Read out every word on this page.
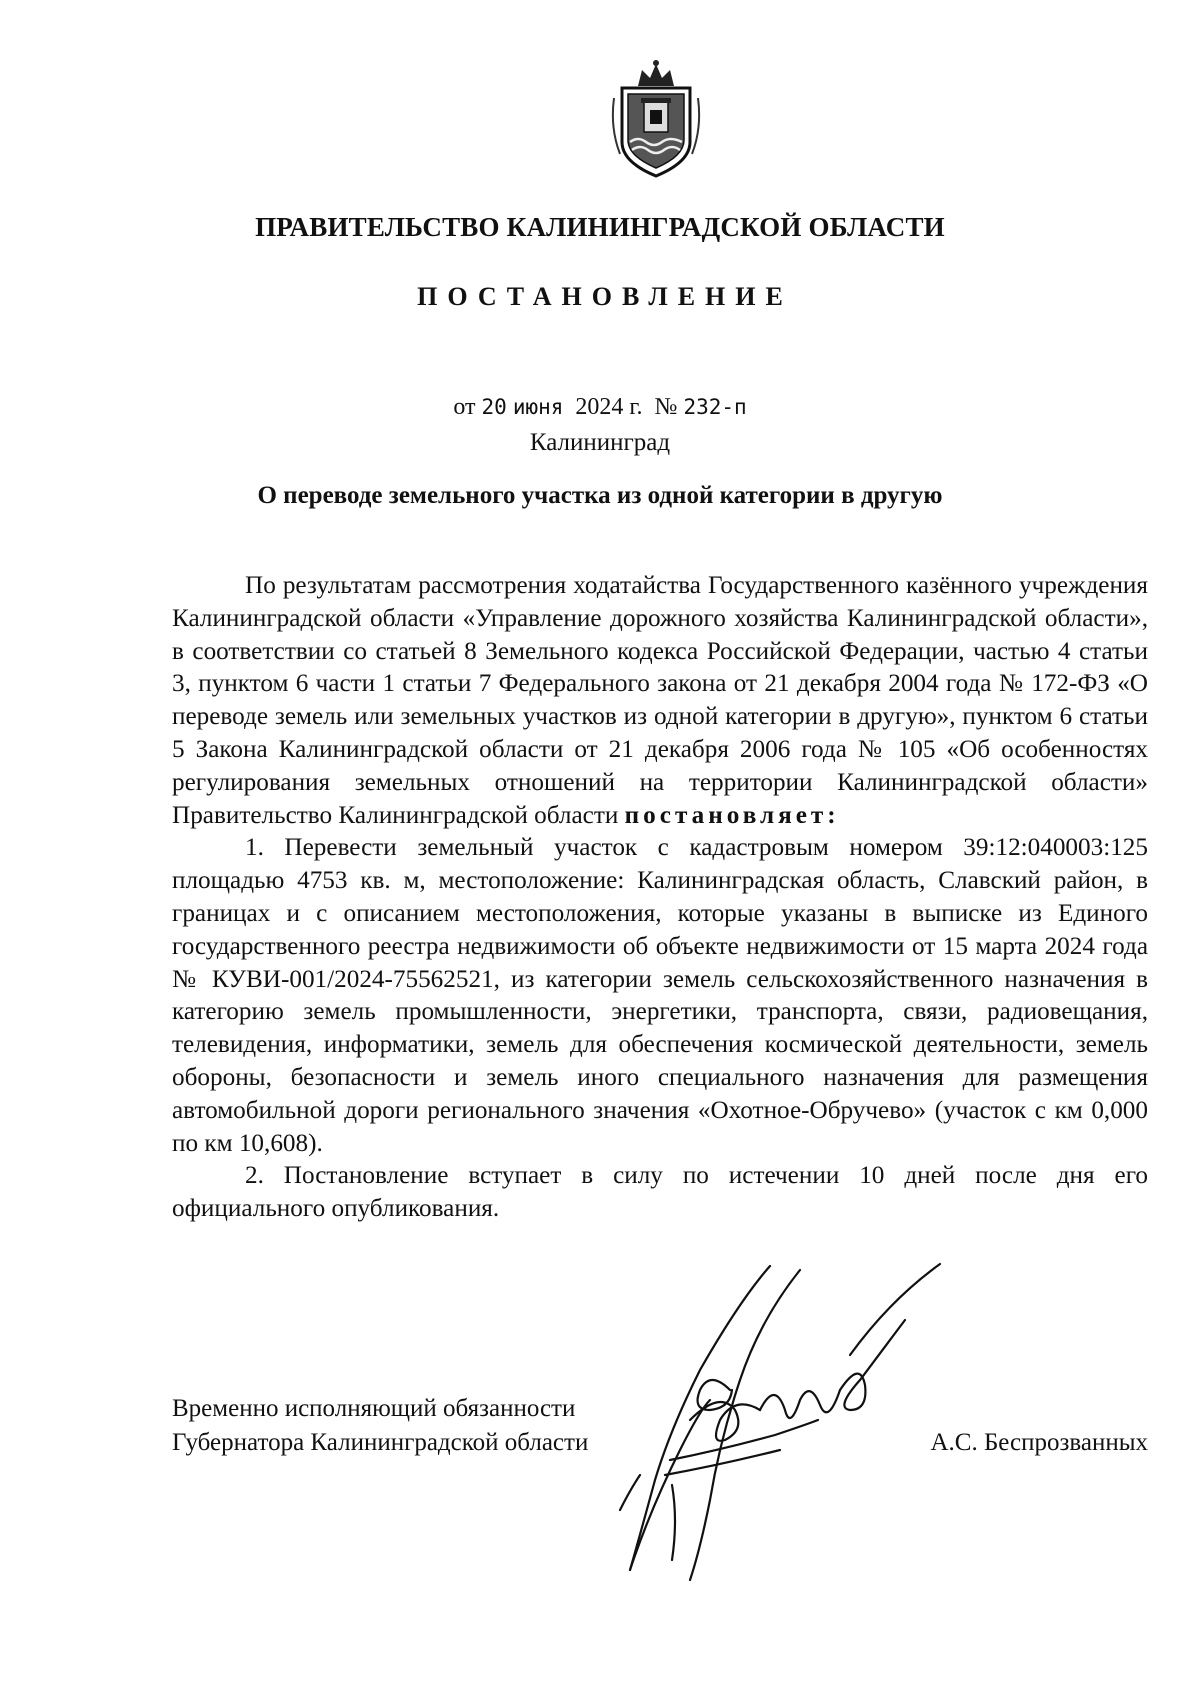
ПРАВИТЕЛЬСТВО КАЛИНИНГРАДСКОЙ ОБЛАСТИ
ПОСТАНОВЛЕНИЕ
от 20 июня 2024 г. № 232-п
Калининград
О переводе земельного участка из одной категории в другую

По результатам рассмотрения ходатайства Государственного казённого учреждения Калининградской области «Управление дорожного хозяйства Калининградской области», в соответствии со статьей 8 Земельного кодекса Российской Федерации, частью 4 статьи 3, пунктом 6 части 1 статьи 7 Федерального закона от 21 декабря 2004 года № 172-ФЗ «О переводе земель или земельных участков из одной категории в другую», пунктом 6 статьи 5 Закона Калининградской области от 21 декабря 2006 года № 105 «Об особенностях регулирования земельных отношений на территории Калининградской области» Правительство Калининградской области постановляет:

1. Перевести земельный участок с кадастровым номером 39:12:040003:125 площадью 4753 кв. м, местоположение: Калининградская область, Славский район, в границах и с описанием местоположения, которые указаны в выписке из Единого государственного реестра недвижимости об объекте недвижимости от 15 марта 2024 года № КУВИ-001/2024-75562521, из категории земель сельскохозяйственного назначения в категорию земель промышленности, энергетики, транспорта, связи, радиовещания, телевидения, информатики, земель для обеспечения космической деятельности, земель обороны, безопасности и земель иного специального назначения для размещения автомобильной дороги регионального значения «Охотное-Обручево» (участок с км 0,000 по км 10,608).

2. Постановление вступает в силу по истечении 10 дней после дня его официального опубликования.

Временно исполняющий обязанности
Губернатора Калининградской области	А.С. Беспрозванных
